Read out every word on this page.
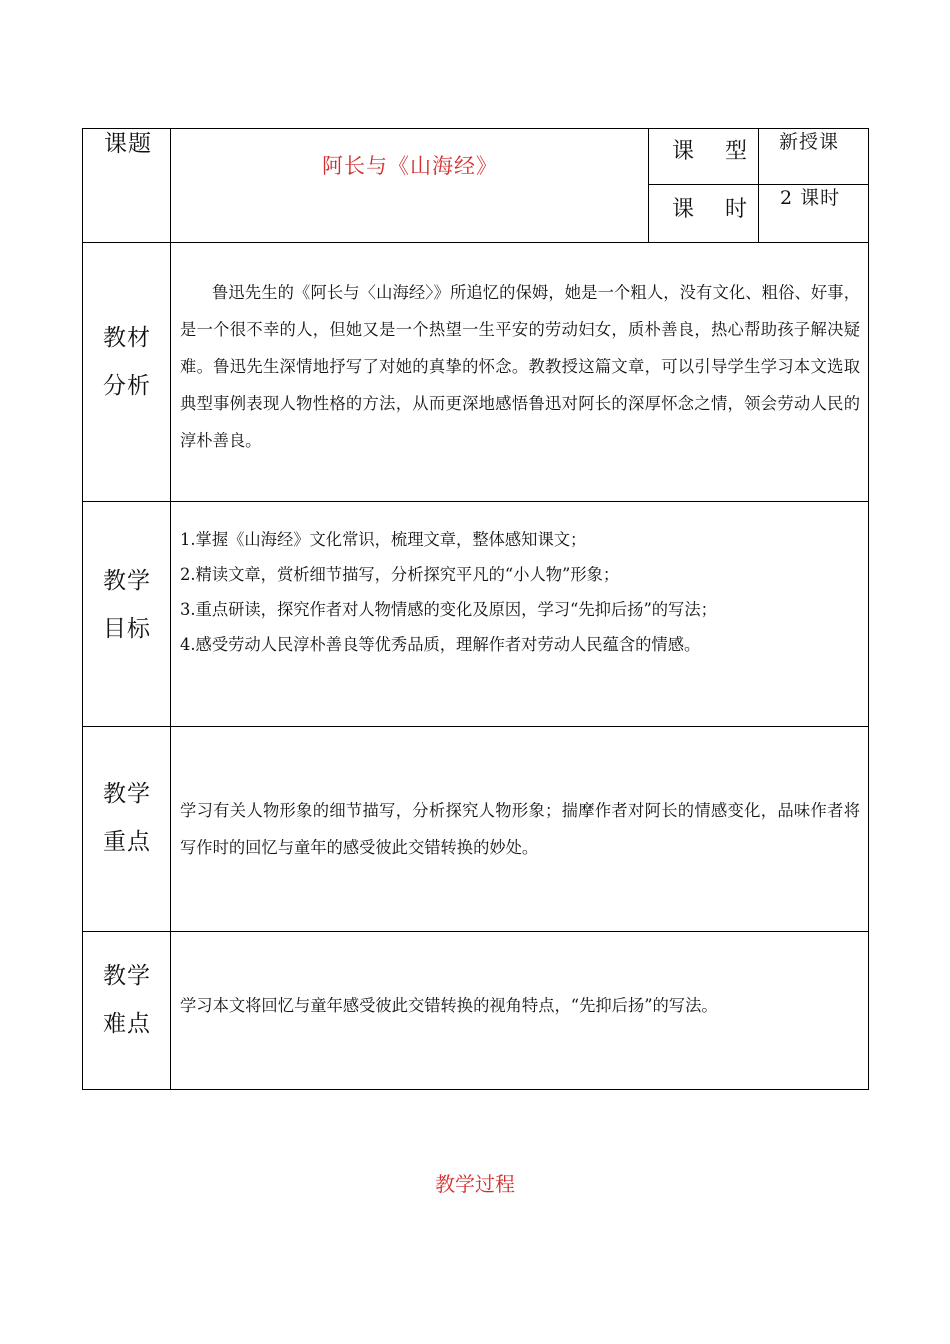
课题
阿长与《山海经》
课 型 新授课
课 时 2 课时
教材
分析
鲁迅先生的《阿长与〈山海经〉》所追忆的保姆，她是一个粗人，没有文化、粗俗、好事，是一个很不幸的人，但她又是一个热望一生平安的劳动妇女，质朴善良，热心帮助孩子解决疑难。鲁迅先生深情地抒写了对她的真挚的怀念。教教授这篇文章，可以引导学生学习本文选取典型事例表现人物性格的方法，从而更深地感悟鲁迅对阿长的深厚怀念之情，领会劳动人民的淳朴善良。
教学
目标
1.掌握《山海经》文化常识，梳理文章，整体感知课文；
2.精读文章，赏析细节描写，分析探究平凡的“小人物”形象；
3.重点研读，探究作者对人物情感的变化及原因，学习“先抑后扬”的写法；
4.感受劳动人民淳朴善良等优秀品质，理解作者对劳动人民蕴含的情感。
教学
重点
学习有关人物形象的细节描写，分析探究人物形象；揣摩作者对阿长的情感变化，品味作者将写作时的回忆与童年的感受彼此交错转换的妙处。
教学
难点
学习本文将回忆与童年感受彼此交错转换的视角特点，“先抑后扬”的写法。
教学过程
